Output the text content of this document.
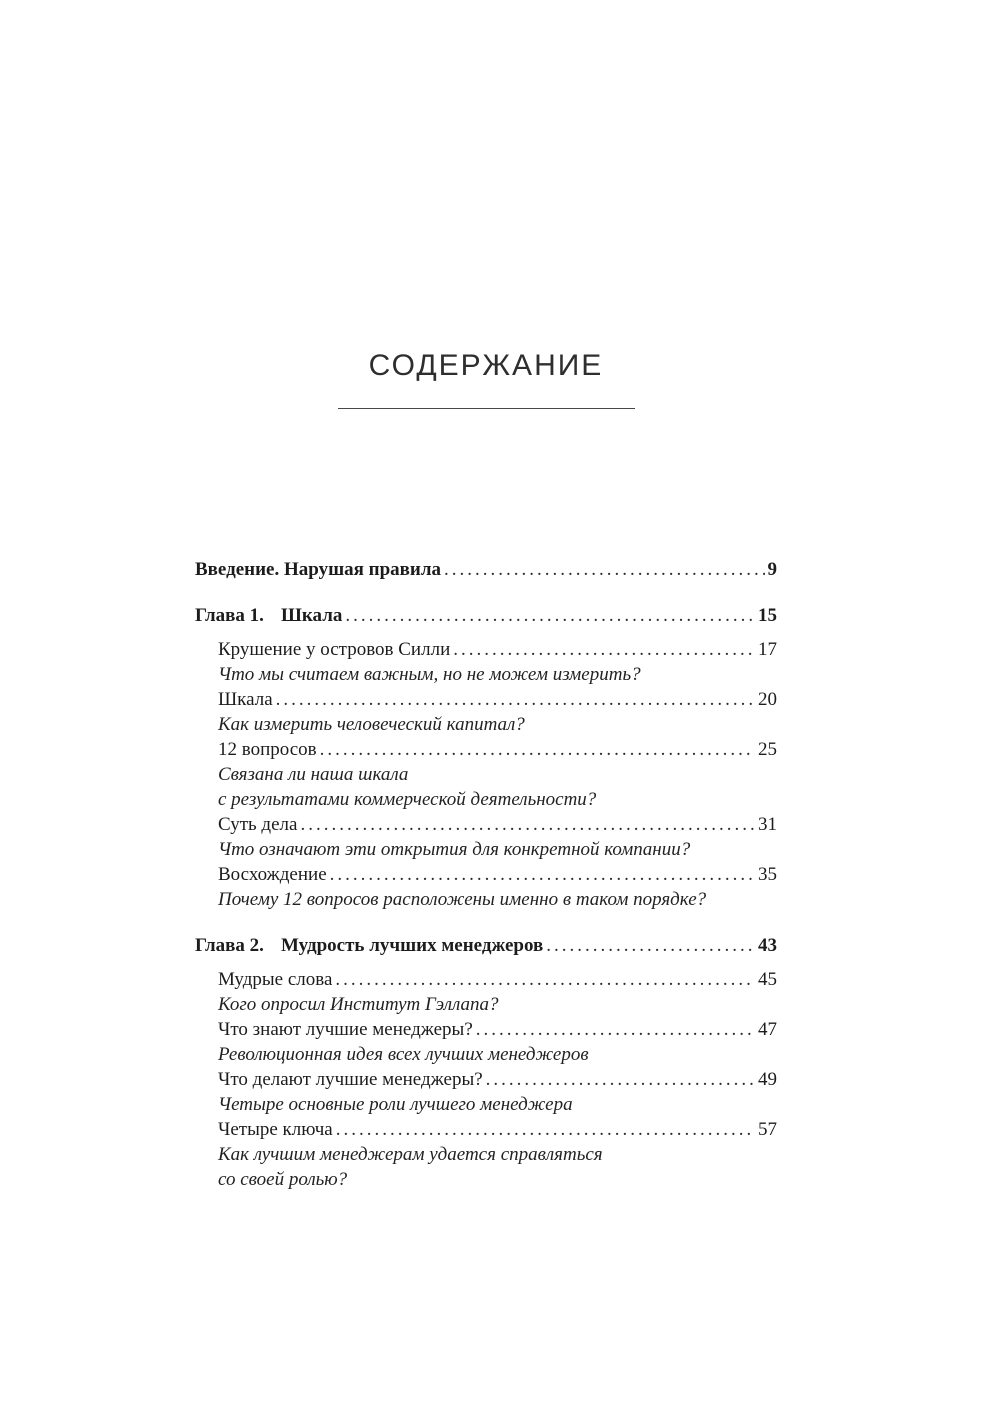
СОДЕРЖАНИЕ
Введение. Нарушая правила .....	9
Глава 1. Шкала .....	15
Крушение у островов Силли .....	17
Что мы считаем важным, но не можем измерить?
Шкала .....	20
Как измерить человеческий капитал?
12 вопросов .....	25
Связана ли наша шкала
с результатами коммерческой деятельности?
Суть дела .....	31
Что означают эти открытия для конкретной компании?
Восхождение .....	35
Почему 12 вопросов расположены именно в таком порядке?
Глава 2. Мудрость лучших менеджеров .....	43
Мудрые слова .....	45
Кого опросил Институт Гэллапа?
Что знают лучшие менеджеры? .....	47
Революционная идея всех лучших менеджеров
Что делают лучшие менеджеры? .....	49
Четыре основные роли лучшего менеджера
Четыре ключа .....	57
Как лучшим менеджерам удается справляться
со своей ролью?
